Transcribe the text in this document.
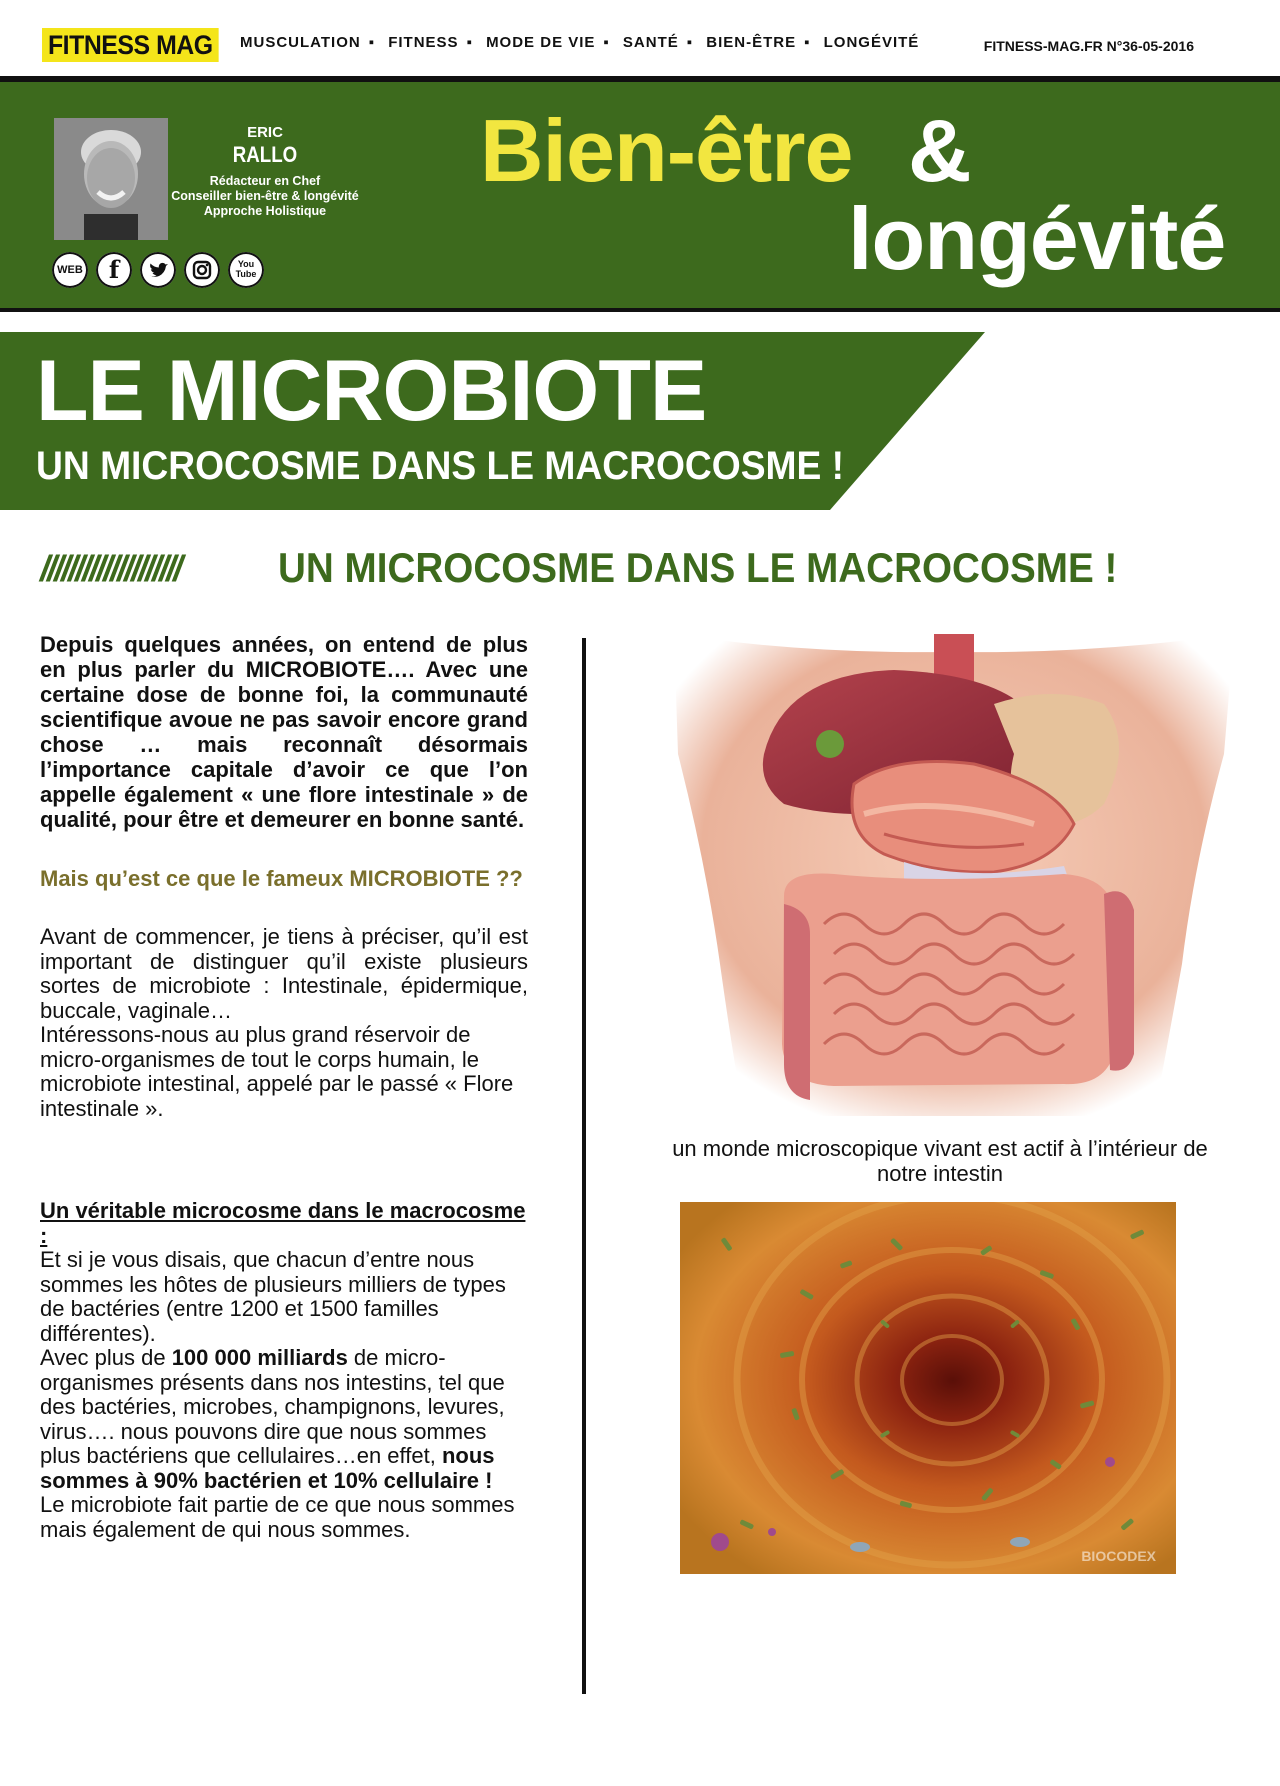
FITNESS MAG	MUSCULATION ▪ FITNESS ▪ MODE DE VIE ▪ SANTÉ ▪ BIEN-ÊTRE ▪ LONGÉVITÉ	FITNESS-MAG.FR N°36-05-2016
ERIC
RALLO
Rédacteur en Chef
Conseiller bien-être & longévité
Approche Holistique
WEB	f	You
Tube
Bien-être &
longévité
LE MICROBIOTE
UN MICROCOSME DANS LE MACROCOSME !
//////////////////// UN MICROCOSME DANS LE MACROCOSME !

Depuis quelques années, on entend de plus en plus parler du MICROBIOTE…. Avec une certaine dose de bonne foi, la communauté scientifique avoue ne pas savoir encore grand chose … mais reconnaît désormais l’importance capitale d’avoir ce que l’on appelle également « une flore intestinale » de qualité, pour être et demeurer en bonne santé.

Mais qu’est ce que le fameux MICROBIOTE ??

Avant de commencer, je tiens à préciser, qu’il est important de distinguer qu’il existe plusieurs sortes de microbiote : Intestinale, épidermique, buccale, vaginale…

Intéressons-nous au plus grand réservoir de micro-organismes de tout le corps humain, le microbiote intestinal, appelé par le passé « Flore intestinale ».

Un véritable microcosme dans le macrocosme :

Et si je vous disais, que chacun d’entre nous sommes les hôtes de plusieurs milliers de types de bactéries (entre 1200 et 1500 familles différentes).

Avec plus de 100 000 milliards de micro-organismes présents dans nos intestins, tel que des bactéries, microbes, champignons, levures, virus…. nous pouvons dire que nous sommes plus bactériens que cellulaires…en effet, nous sommes à 90% bactérien et 10% cellulaire !

Le microbiote fait partie de ce que nous sommes mais également de qui nous sommes.

un monde microscopique vivant est actif à l’intérieur de notre intestin
BIOCODEX
